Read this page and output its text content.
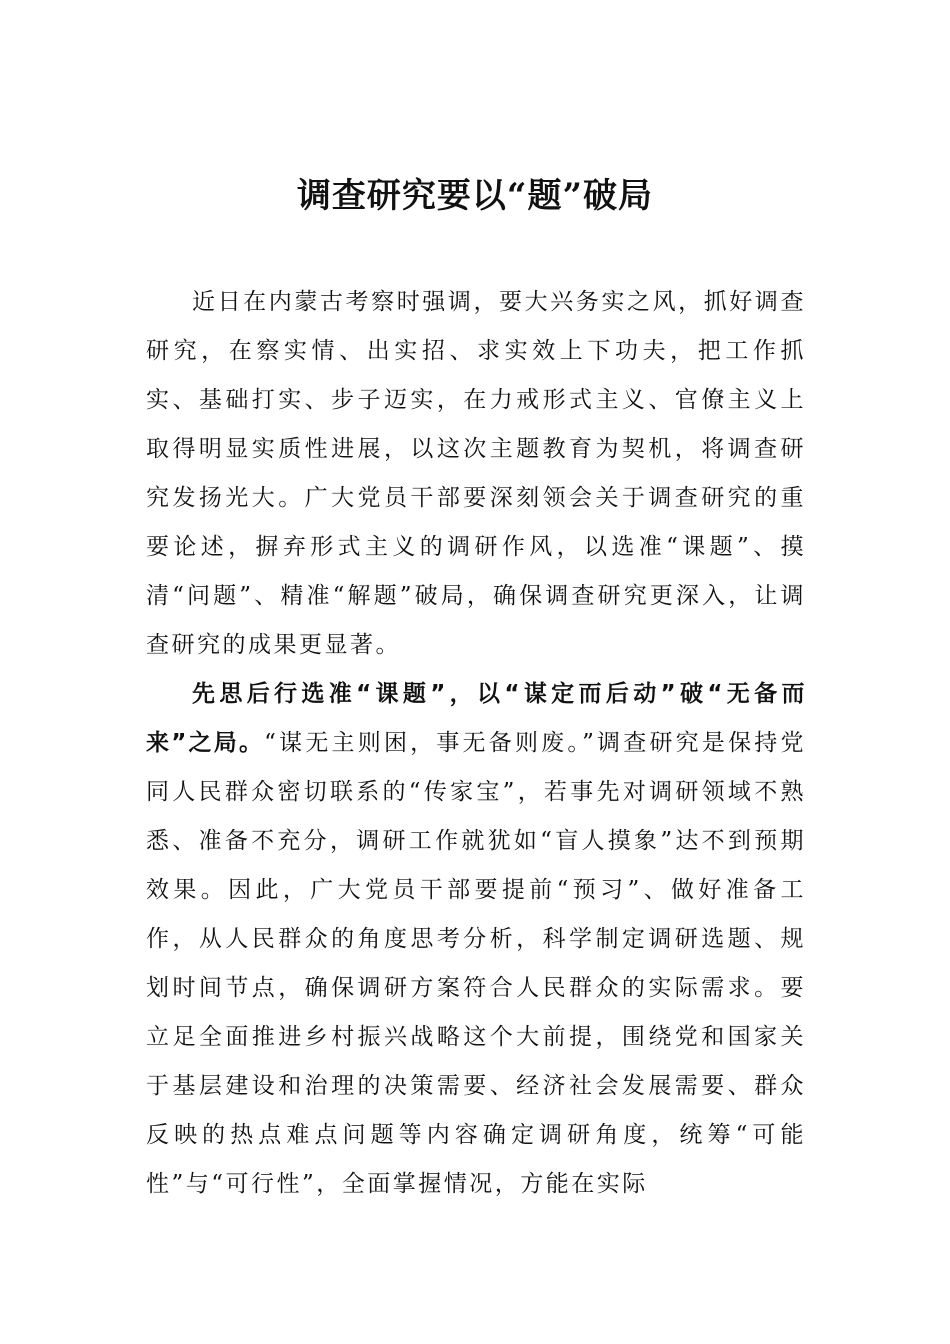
调查研究要以“题”破局

近日在内蒙古考察时强调，要大兴务实之风，抓好调查研究，在察实情、出实招、求实效上下功夫，把工作抓实、基础打实、步子迈实，在力戒形式主义、官僚主义上取得明显实质性进展，以这次主题教育为契机，将调查研究发扬光大。广大党员干部要深刻领会关于调查研究的重要论述，摒弃形式主义的调研作风，以选准“课题”、摸清“问题”、精准“解题”破局，确保调查研究更深入，让调查研究的成果更显著。

先思后行选准“课题”，以“谋定而后动”破“无备而来”之局。“谋无主则困，事无备则废。”调查研究是保持党同人民群众密切联系的“传家宝”，若事先对调研领域不熟悉、准备不充分，调研工作就犹如“盲人摸象”达不到预期效果。因此，广大党员干部要提前“预习”、做好准备工作，从人民群众的角度思考分析，科学制定调研选题、规划时间节点，确保调研方案符合人民群众的实际需求。要立足全面推进乡村振兴战略这个大前提，围绕党和国家关于基层建设和治理的决策需要、经济社会发展需要、群众反映的热点难点问题等内容确定调研角度，统筹“可能性”与“可行性”，全面掌握情况，方能在实际
